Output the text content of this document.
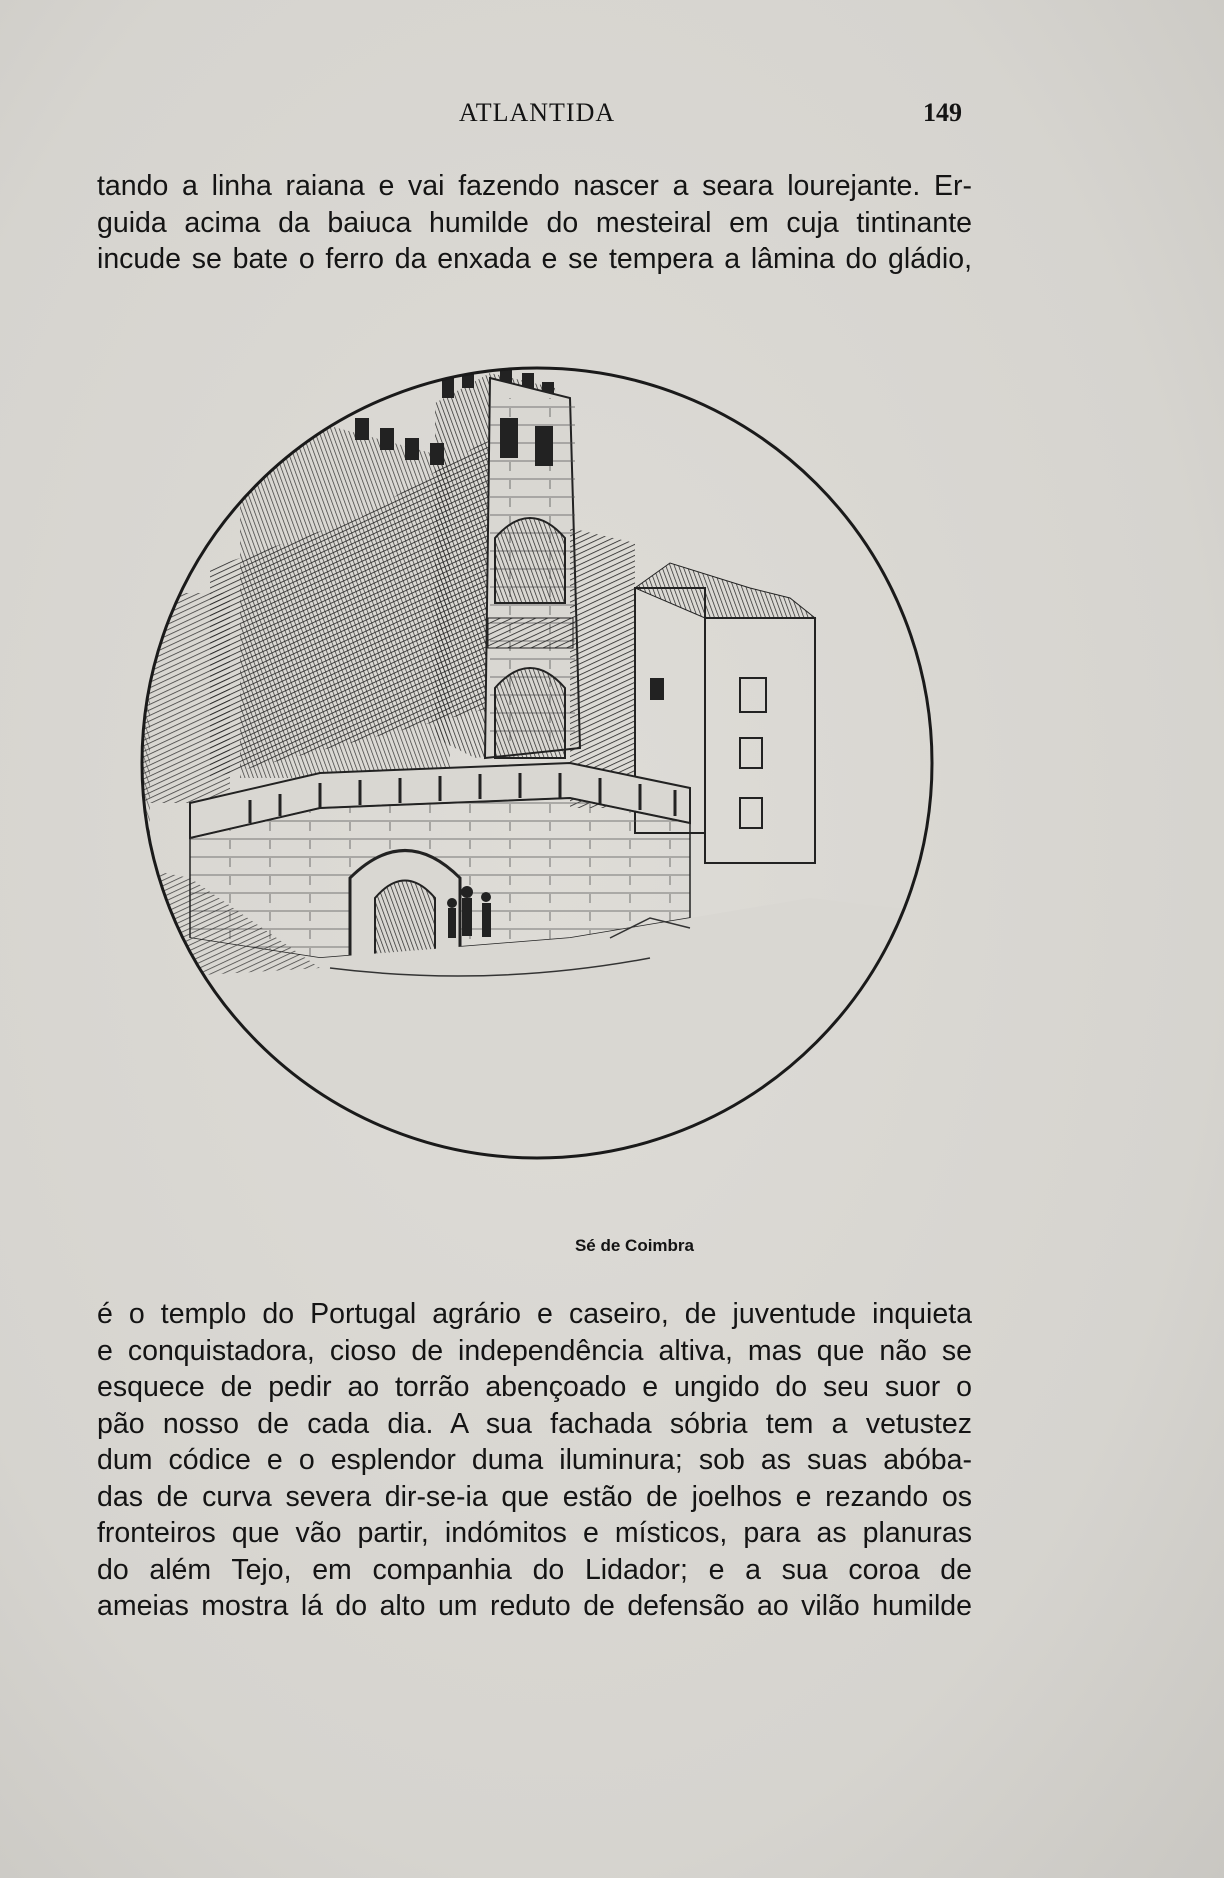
ATLANTIDA	149
tando a linha raiana e vai fazendo nascer a seara lourejante. Er-
guida acima da baiuca humilde do mesteiral em cuja tintinante
incude se bate o ferro da enxada e se tempera a lâmina do gládio,
Sé de Coimbra
é o templo do Portugal agrário e caseiro, de juventude inquieta
e conquistadora, cioso de independência altiva, mas que não se
esquece de pedir ao torrão abençoado e ungido do seu suor o
pão nosso de cada dia. A sua fachada sóbria tem a vetustez
dum códice e o esplendor duma iluminura; sob as suas abóba-
das de curva severa dir-se-ia que estão de joelhos e rezando os
fronteiros que vão partir, indómitos e místicos, para as planuras
do além Tejo, em companhia do Lidador; e a sua coroa de
ameias mostra lá do alto um reduto de defensão ao vilão humilde
